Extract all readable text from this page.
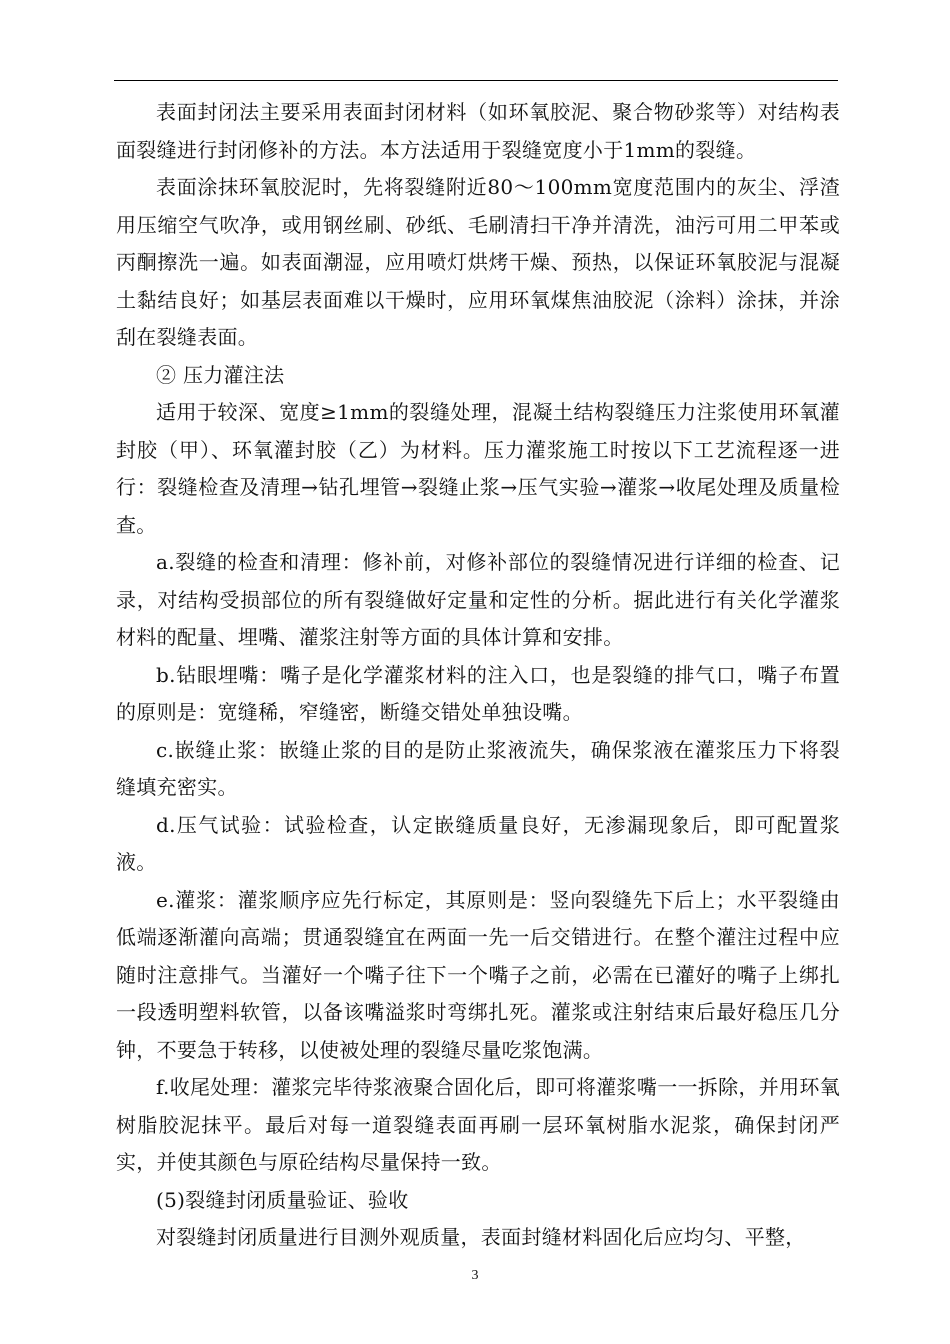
表面封闭法主要采用表面封闭材料（如环氧胶泥、聚合物砂浆等）对结构表面裂缝进行封闭修补的方法。本方法适用于裂缝宽度小于1mm的裂缝。

表面涂抹环氧胶泥时，先将裂缝附近80～100mm宽度范围内的灰尘、浮渣用压缩空气吹净，或用钢丝刷、砂纸、毛刷清扫干净并清洗，油污可用二甲苯或丙酮擦洗一遍。如表面潮湿，应用喷灯烘烤干燥、预热，以保证环氧胶泥与混凝土黏结良好；如基层表面难以干燥时，应用环氧煤焦油胶泥（涂料）涂抹，并涂刮在裂缝表面。

② 压力灌注法

适用于较深、宽度≥1mm的裂缝处理，混凝土结构裂缝压力注浆使用环氧灌封胶（甲）、环氧灌封胶（乙）为材料。压力灌浆施工时按以下工艺流程逐一进行：裂缝检查及清理→钻孔埋管→裂缝止浆→压气实验→灌浆→收尾处理及质量检查。

a.裂缝的检查和清理：修补前，对修补部位的裂缝情况进行详细的检查、记录，对结构受损部位的所有裂缝做好定量和定性的分析。据此进行有关化学灌浆材料的配量、埋嘴、灌浆注射等方面的具体计算和安排。

b.钻眼埋嘴：嘴子是化学灌浆材料的注入口，也是裂缝的排气口，嘴子布置的原则是：宽缝稀，窄缝密，断缝交错处单独设嘴。

c.嵌缝止浆：嵌缝止浆的目的是防止浆液流失，确保浆液在灌浆压力下将裂缝填充密实。

d.压气试验：试验检查，认定嵌缝质量良好，无渗漏现象后，即可配置浆液。

e.灌浆：灌浆顺序应先行标定，其原则是：竖向裂缝先下后上；水平裂缝由低端逐渐灌向高端；贯通裂缝宜在两面一先一后交错进行。在整个灌注过程中应随时注意排气。当灌好一个嘴子往下一个嘴子之前，必需在已灌好的嘴子上绑扎一段透明塑料软管，以备该嘴溢浆时弯绑扎死。灌浆或注射结束后最好稳压几分钟，不要急于转移，以使被处理的裂缝尽量吃浆饱满。

f.收尾处理：灌浆完毕待浆液聚合固化后，即可将灌浆嘴一一拆除，并用环氧树脂胶泥抹平。最后对每一道裂缝表面再刷一层环氧树脂水泥浆，确保封闭严实，并使其颜色与原砼结构尽量保持一致。

(5)裂缝封闭质量验证、验收

对裂缝封闭质量进行目测外观质量，表面封缝材料固化后应均匀、平整，

3
